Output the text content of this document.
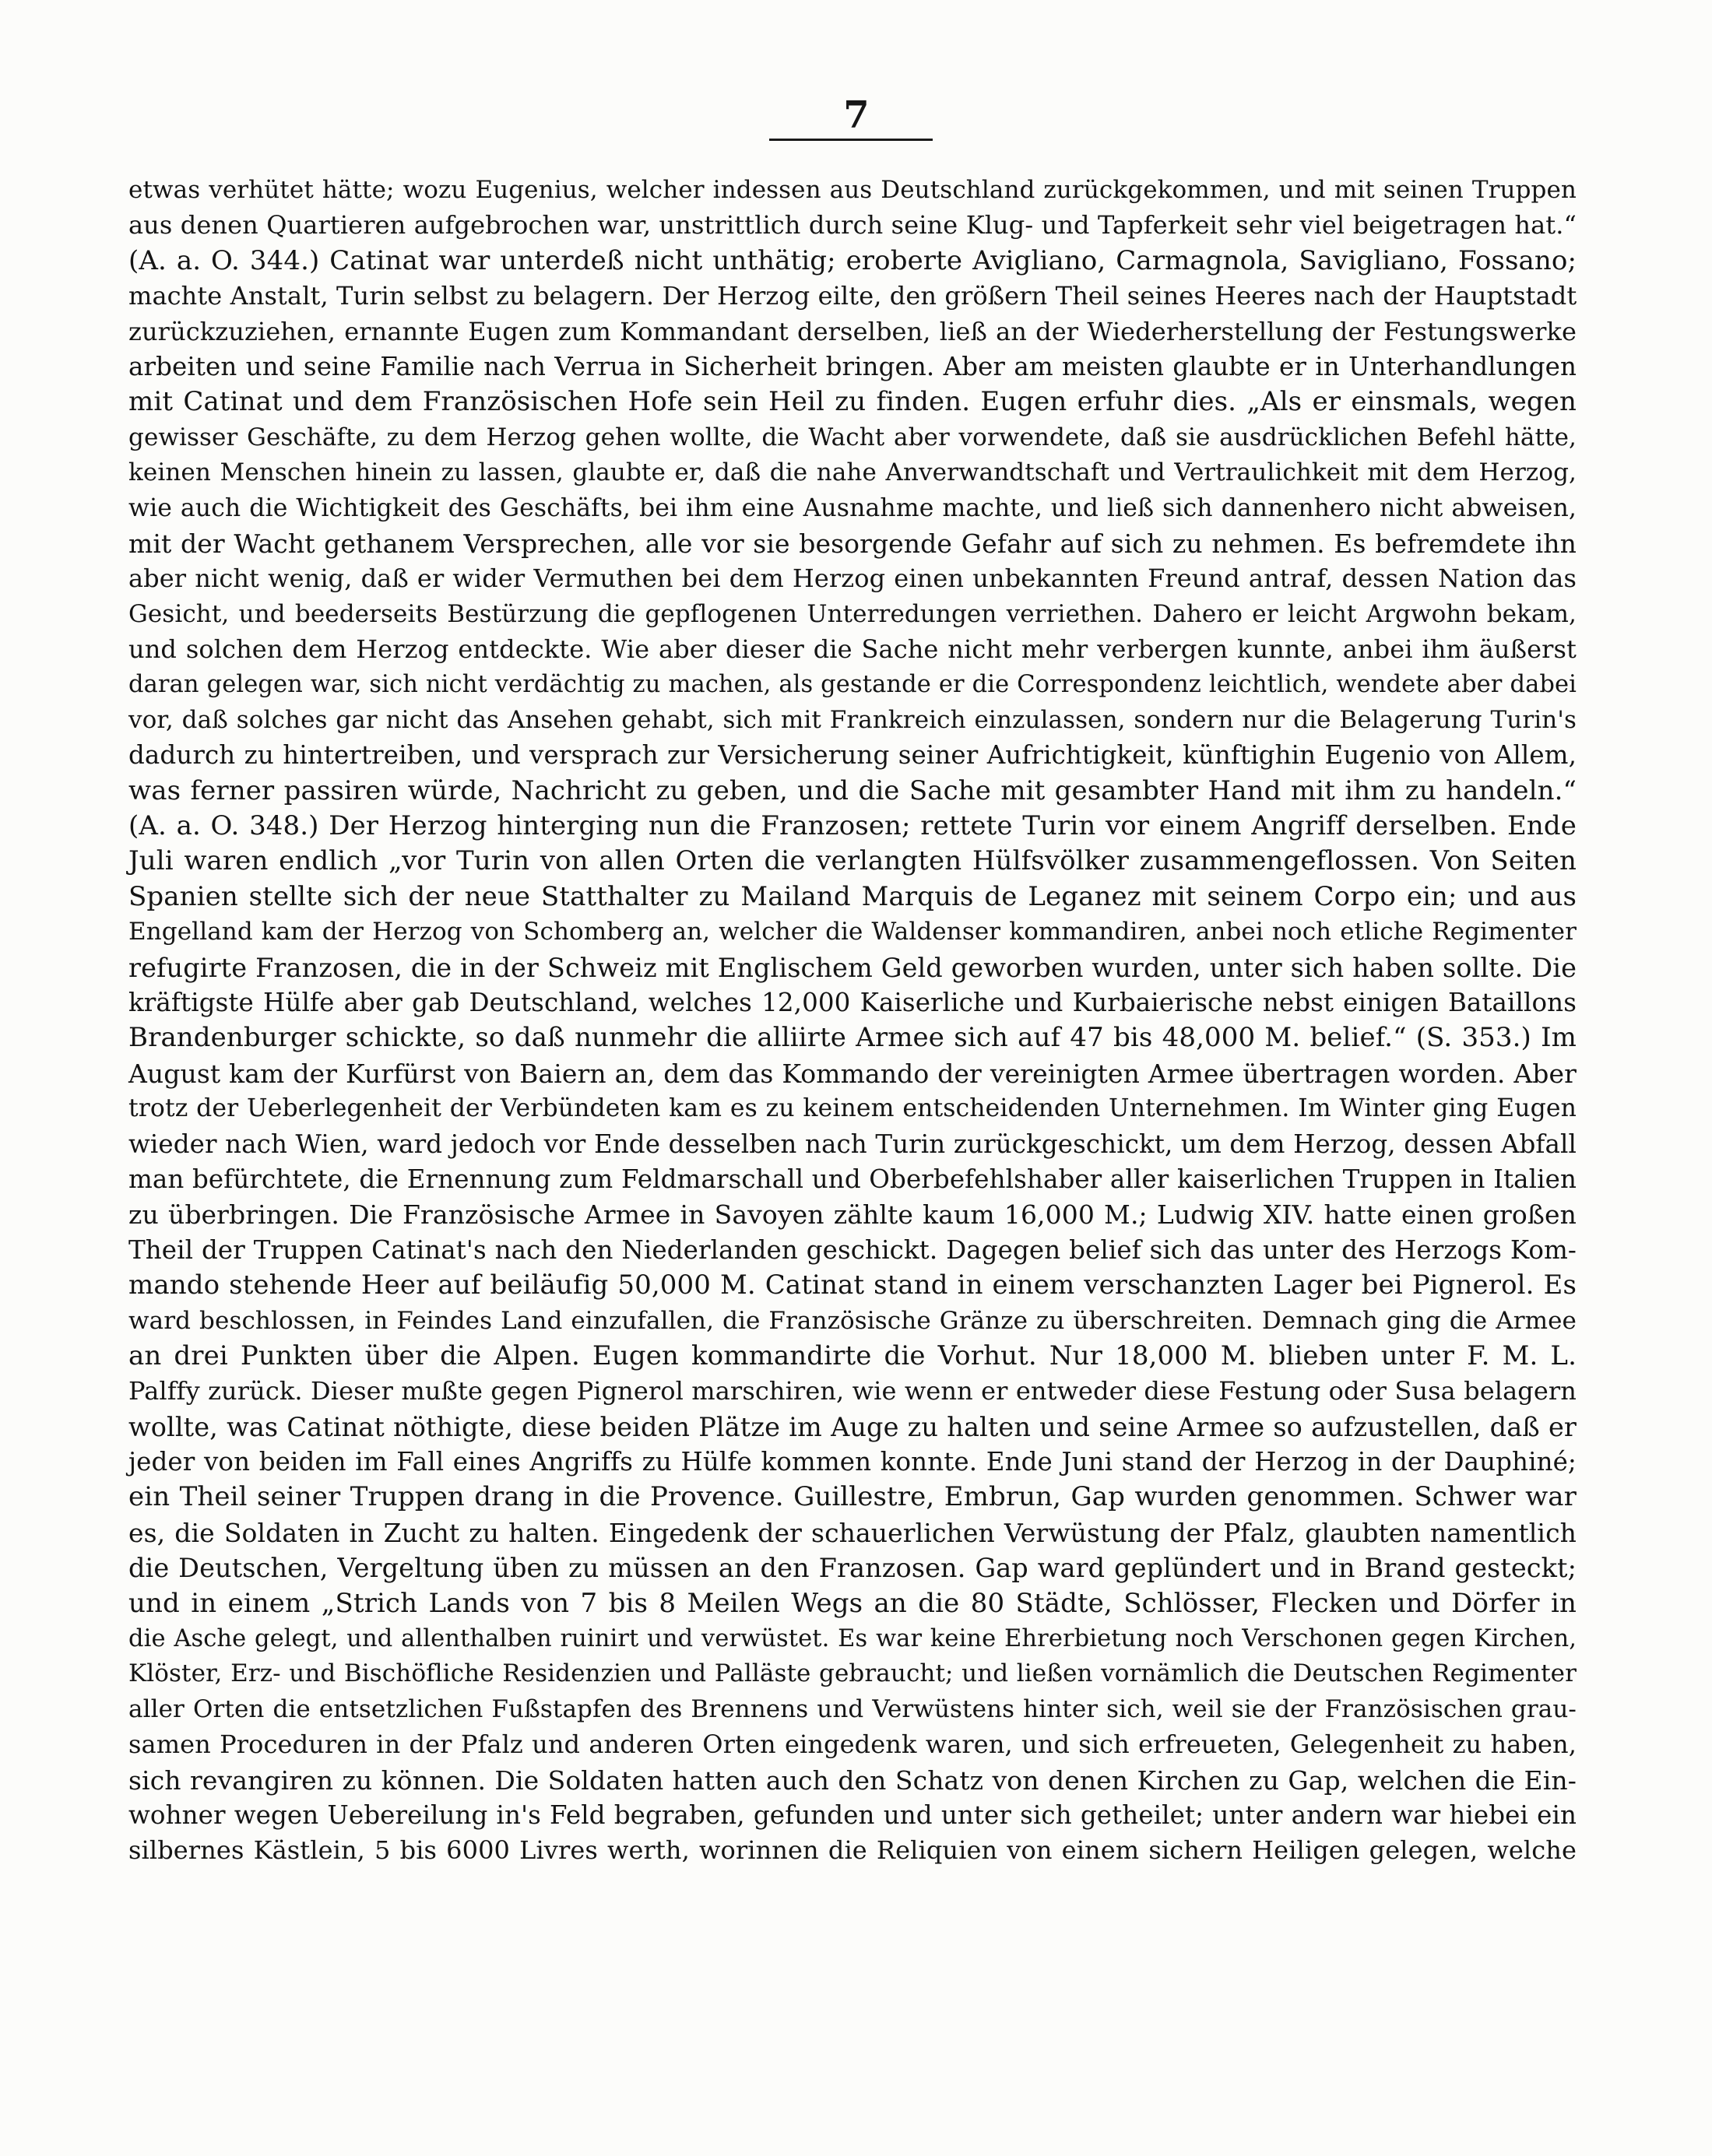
7
etwas verhütet hätte; wozu Eugenius, welcher indessen aus Deutschland zurückgekommen, und mit seinen Truppen
aus denen Quartieren aufgebrochen war, unstrittlich durch seine Klug- und Tapferkeit sehr viel beigetragen hat.“
(A. a. O. 344.) Catinat war unterdeß nicht unthätig; eroberte Avigliano, Carmagnola, Savigliano, Fossano;
machte Anstalt, Turin selbst zu belagern. Der Herzog eilte, den größern Theil seines Heeres nach der Hauptstadt
zurückzuziehen, ernannte Eugen zum Kommandant derselben, ließ an der Wiederherstellung der Festungswerke
arbeiten und seine Familie nach Verrua in Sicherheit bringen. Aber am meisten glaubte er in Unterhandlungen
mit Catinat und dem Französischen Hofe sein Heil zu finden. Eugen erfuhr dies. „Als er einsmals, wegen
gewisser Geschäfte, zu dem Herzog gehen wollte, die Wacht aber vorwendete, daß sie ausdrücklichen Befehl hätte,
keinen Menschen hinein zu lassen, glaubte er, daß die nahe Anverwandtschaft und Vertraulichkeit mit dem Herzog,
wie auch die Wichtigkeit des Geschäfts, bei ihm eine Ausnahme machte, und ließ sich dannenhero nicht abweisen,
mit der Wacht gethanem Versprechen, alle vor sie besorgende Gefahr auf sich zu nehmen. Es befremdete ihn
aber nicht wenig, daß er wider Vermuthen bei dem Herzog einen unbekannten Freund antraf, dessen Nation das
Gesicht, und beederseits Bestürzung die gepflogenen Unterredungen verriethen. Dahero er leicht Argwohn bekam,
und solchen dem Herzog entdeckte. Wie aber dieser die Sache nicht mehr verbergen kunnte, anbei ihm äußerst
daran gelegen war, sich nicht verdächtig zu machen, als gestande er die Correspondenz leichtlich, wendete aber dabei
vor, daß solches gar nicht das Ansehen gehabt, sich mit Frankreich einzulassen, sondern nur die Belagerung Turin's
dadurch zu hintertreiben, und versprach zur Versicherung seiner Aufrichtigkeit, künftighin Eugenio von Allem,
was ferner passiren würde, Nachricht zu geben, und die Sache mit gesambter Hand mit ihm zu handeln.“
(A. a. O. 348.) Der Herzog hinterging nun die Franzosen; rettete Turin vor einem Angriff derselben. Ende
Juli waren endlich „vor Turin von allen Orten die verlangten Hülfsvölker zusammengeflossen. Von Seiten
Spanien stellte sich der neue Statthalter zu Mailand Marquis de Leganez mit seinem Corpo ein; und aus
Engelland kam der Herzog von Schomberg an, welcher die Waldenser kommandiren, anbei noch etliche Regimenter
refugirte Franzosen, die in der Schweiz mit Englischem Geld geworben wurden, unter sich haben sollte. Die
kräftigste Hülfe aber gab Deutschland, welches 12,000 Kaiserliche und Kurbaierische nebst einigen Bataillons
Brandenburger schickte, so daß nunmehr die alliirte Armee sich auf 47 bis 48,000 M. belief.“ (S. 353.) Im
August kam der Kurfürst von Baiern an, dem das Kommando der vereinigten Armee übertragen worden. Aber
trotz der Ueberlegenheit der Verbündeten kam es zu keinem entscheidenden Unternehmen. Im Winter ging Eugen
wieder nach Wien, ward jedoch vor Ende desselben nach Turin zurückgeschickt, um dem Herzog, dessen Abfall
man befürchtete, die Ernennung zum Feldmarschall und Oberbefehlshaber aller kaiserlichen Truppen in Italien
zu überbringen. Die Französische Armee in Savoyen zählte kaum 16,000 M.; Ludwig XIV. hatte einen großen
Theil der Truppen Catinat's nach den Niederlanden geschickt. Dagegen belief sich das unter des Herzogs Kom-
mando stehende Heer auf beiläufig 50,000 M. Catinat stand in einem verschanzten Lager bei Pignerol. Es
ward beschlossen, in Feindes Land einzufallen, die Französische Gränze zu überschreiten. Demnach ging die Armee
an drei Punkten über die Alpen. Eugen kommandirte die Vorhut. Nur 18,000 M. blieben unter F. M. L.
Palffy zurück. Dieser mußte gegen Pignerol marschiren, wie wenn er entweder diese Festung oder Susa belagern
wollte, was Catinat nöthigte, diese beiden Plätze im Auge zu halten und seine Armee so aufzustellen, daß er
jeder von beiden im Fall eines Angriffs zu Hülfe kommen konnte. Ende Juni stand der Herzog in der Dauphiné;
ein Theil seiner Truppen drang in die Provence. Guillestre, Embrun, Gap wurden genommen. Schwer war
es, die Soldaten in Zucht zu halten. Eingedenk der schauerlichen Verwüstung der Pfalz, glaubten namentlich
die Deutschen, Vergeltung üben zu müssen an den Franzosen. Gap ward geplündert und in Brand gesteckt;
und in einem „Strich Lands von 7 bis 8 Meilen Wegs an die 80 Städte, Schlösser, Flecken und Dörfer in
die Asche gelegt, und allenthalben ruinirt und verwüstet. Es war keine Ehrerbietung noch Verschonen gegen Kirchen,
Klöster, Erz- und Bischöfliche Residenzien und Palläste gebraucht; und ließen vornämlich die Deutschen Regimenter
aller Orten die entsetzlichen Fußstapfen des Brennens und Verwüstens hinter sich, weil sie der Französischen grau-
samen Proceduren in der Pfalz und anderen Orten eingedenk waren, und sich erfreueten, Gelegenheit zu haben,
sich revangiren zu können. Die Soldaten hatten auch den Schatz von denen Kirchen zu Gap, welchen die Ein-
wohner wegen Uebereilung in's Feld begraben, gefunden und unter sich getheilet; unter andern war hiebei ein
silbernes Kästlein, 5 bis 6000 Livres werth, worinnen die Reliquien von einem sichern Heiligen gelegen, welche
